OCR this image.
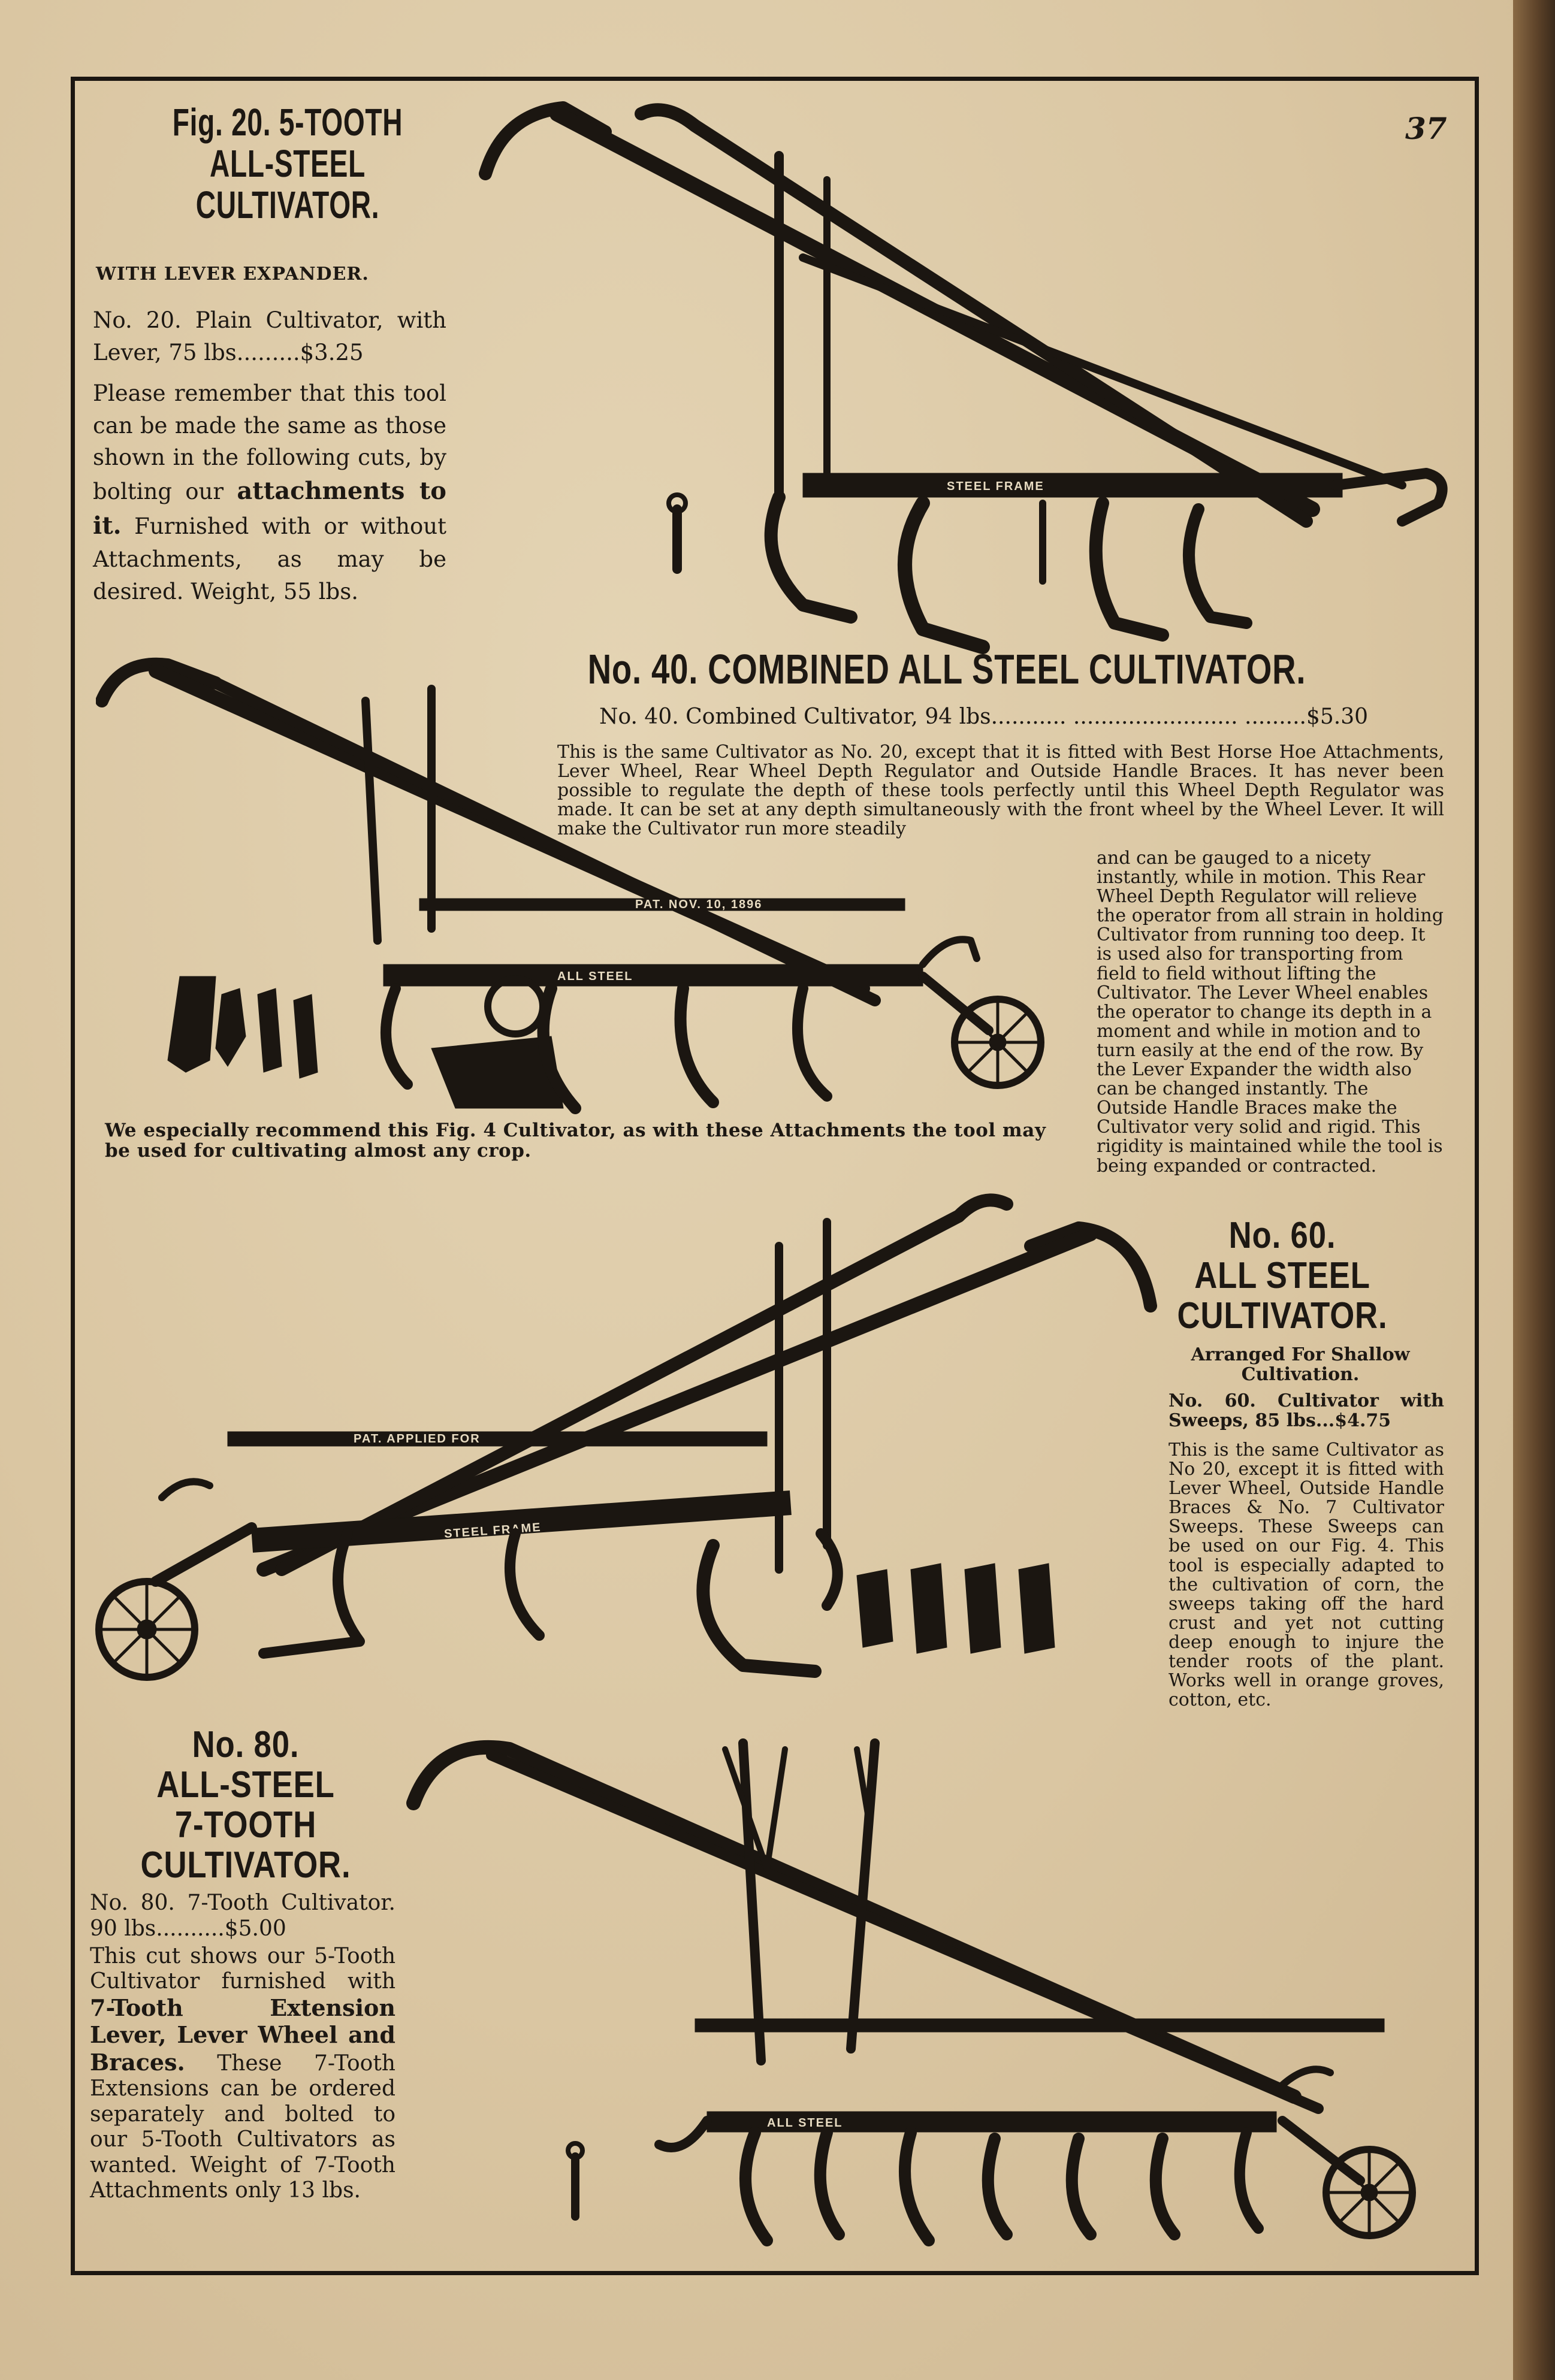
37
Fig. 20. 5-TOOTH
ALL-STEEL
CULTIVATOR.
WITH LEVER EXPANDER.
No. 20. Plain Cultivator, with Lever, 75 lbs.........$3.25
Please remember that this tool can be made the same as those shown in the following cuts, by bolting our attachments to it. Furnished with or without Attachments, as may be desired. Weight, 55 lbs.
STEEL FRAME
No. 40. COMBINED ALL STEEL CULTIVATOR.
No. 40. Combined Cultivator, 94 lbs........... ........................ .........$5.30
This is the same Cultivator as No. 20, except that it is fitted with Best Horse Hoe Attachments, Lever Wheel, Rear Wheel Depth Regulator and Outside Handle Braces. It has never been possible to regulate the depth of these tools perfectly until this Wheel Depth Regulator was made. It can be set at any depth simultaneously with the front wheel by the Wheel Lever. It will make the Cultivator run more steadily
and can be gauged to a nicety instantly, while in motion. This Rear Wheel Depth Regulator will relieve the operator from all strain in holding Cultivator from running too deep. It is used also for transporting from field to field without lifting the Cultivator. The Lever Wheel enables the operator to change its depth in a moment and while in motion and to turn easily at the end of the row. By the Lever Expander the width also can be changed instantly. The Outside Handle Braces make the Cultivator very solid and rigid. This rigidity is maintained while the tool is being expanded or contracted.
PAT. NOV. 10, 1896
ALL STEEL
We especially recommend this Fig. 4 Cultivator, as with these Attachments the tool may be used for cultivating almost any crop.
No. 60.
ALL STEEL
CULTIVATOR.
Arranged For Shallow Cultivation.
No. 60. Cultivator with Sweeps, 85 lbs...$4.75
This is the same Cultivator as No 20, except it is fitted with Lever Wheel, Outside Handle Braces & No. 7 Cultivator Sweeps. These Sweeps can be used on our Fig. 4. This tool is especially adapted to the cultivation of corn, the sweeps taking off the hard crust and yet not cutting deep enough to injure the tender roots of the plant. Works well in orange groves, cotton, etc.
PAT. APPLIED FOR
STEEL FRAME
No. 80.
ALL-STEEL
7-TOOTH
CULTIVATOR.
No. 80. 7-Tooth Cultivator. 90 lbs..........$5.00
This cut shows our 5-Tooth Cultivator furnished with 7-Tooth Extension Lever, Lever Wheel and Braces. These 7-Tooth Extensions can be ordered separately and bolted to our 5-Tooth Cultivators as wanted. Weight of 7-Tooth Attachments only 13 lbs.
ALL STEEL
